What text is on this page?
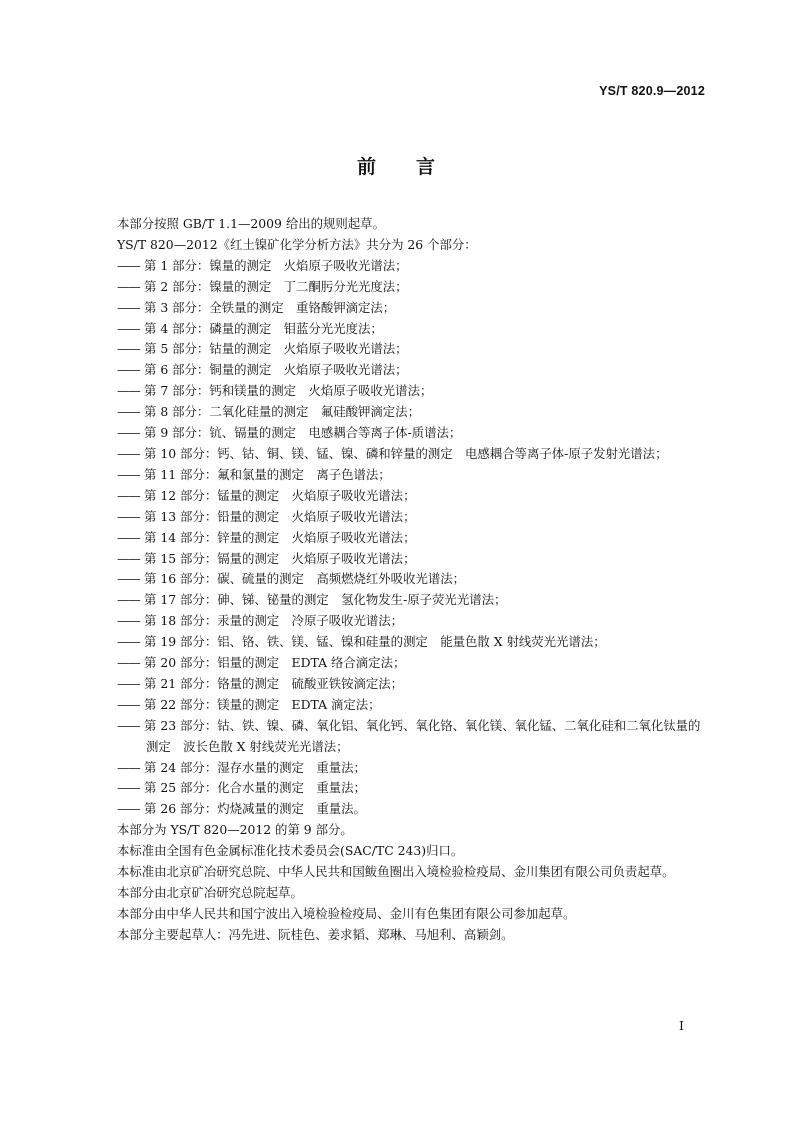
YS/T 820.9—2012
前言

本部分按照 GB/T 1.1—2009 给出的规则起草。

YS/T 820—2012《红土镍矿化学分析方法》共分为 26 个部分：

—— 第 1 部分：镍量的测定　火焰原子吸收光谱法；

—— 第 2 部分：镍量的测定　丁二酮肟分光光度法；

—— 第 3 部分：全铁量的测定　重铬酸钾滴定法；

—— 第 4 部分：磷量的测定　钼蓝分光光度法；

—— 第 5 部分：钴量的测定　火焰原子吸收光谱法；

—— 第 6 部分：铜量的测定　火焰原子吸收光谱法；

—— 第 7 部分：钙和镁量的测定　火焰原子吸收光谱法；

—— 第 8 部分：二氧化硅量的测定　氟硅酸钾滴定法；

—— 第 9 部分：钪、镉量的测定　电感耦合等离子体-质谱法；

—— 第 10 部分：钙、钴、铜、镁、锰、镍、磷和锌量的测定　电感耦合等离子体-原子发射光谱法；

—— 第 11 部分：氟和氯量的测定　离子色谱法；

—— 第 12 部分：锰量的测定　火焰原子吸收光谱法；

—— 第 13 部分：铅量的测定　火焰原子吸收光谱法；

—— 第 14 部分：锌量的测定　火焰原子吸收光谱法；

—— 第 15 部分：镉量的测定　火焰原子吸收光谱法；

—— 第 16 部分：碳、硫量的测定　高频燃烧红外吸收光谱法；

—— 第 17 部分：砷、锑、铋量的测定　氢化物发生-原子荧光光谱法；

—— 第 18 部分：汞量的测定　冷原子吸收光谱法；

—— 第 19 部分：铝、铬、铁、镁、锰、镍和硅量的测定　能量色散 X 射线荧光光谱法；

—— 第 20 部分：铝量的测定　EDTA 络合滴定法；

—— 第 21 部分：铬量的测定　硫酸亚铁铵滴定法；

—— 第 22 部分：镁量的测定　EDTA 滴定法；

—— 第 23 部分：钴、铁、镍、磷、氧化铝、氧化钙、氧化铬、氧化镁、氧化锰、二氧化硅和二氧化钛量的

测定　波长色散 X 射线荧光光谱法；

—— 第 24 部分：湿存水量的测定　重量法；

—— 第 25 部分：化合水量的测定　重量法；

—— 第 26 部分：灼烧减量的测定　重量法。

本部分为 YS/T 820—2012 的第 9 部分。

本标准由全国有色金属标准化技术委员会(SAC/TC 243)归口。

本标准由北京矿冶研究总院、中华人民共和国鲅鱼圈出入境检验检疫局、金川集团有限公司负责起草。

本部分由北京矿冶研究总院起草。

本部分由中华人民共和国宁波出入境检验检疫局、金川有色集团有限公司参加起草。

本部分主要起草人：冯先进、阮桂色、姜求韬、郑琳、马旭利、高颖剑。

I
